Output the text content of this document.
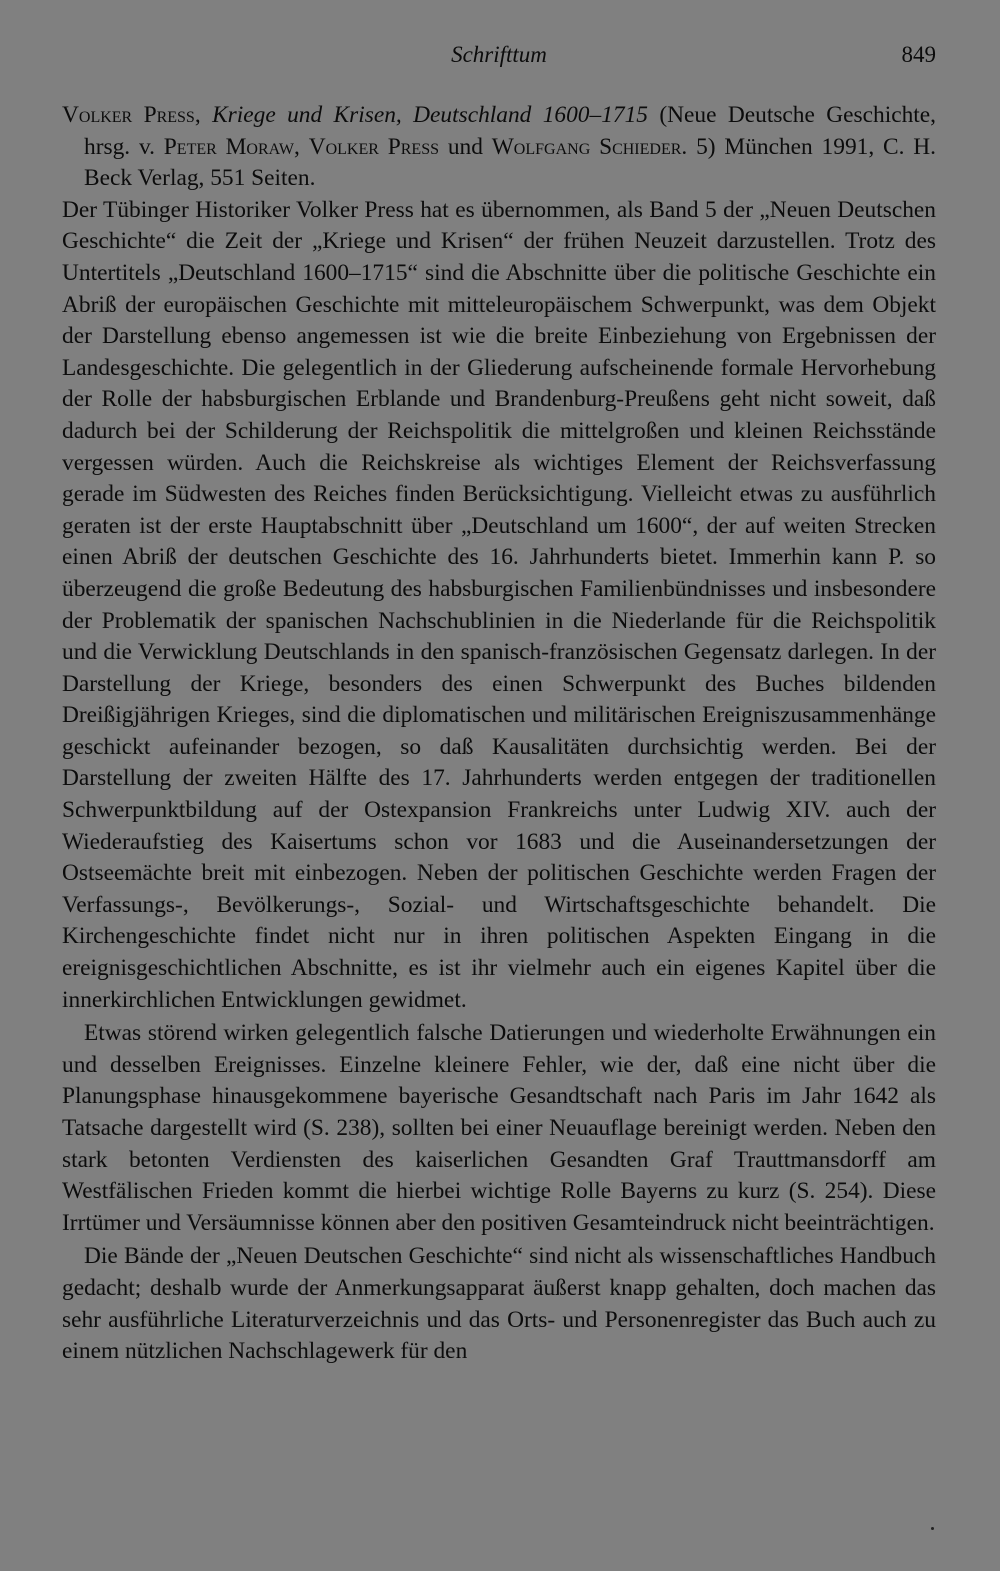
Schrifttum	849
Volker Press, Kriege und Krisen, Deutschland 1600–1715 (Neue Deutsche Geschichte, hrsg. v. Peter Moraw, Volker Press und Wolfgang Schieder. 5) München 1991, C. H. Beck Verlag, 551 Seiten.

Der Tübinger Historiker Volker Press hat es übernommen, als Band 5 der „Neuen Deutschen Geschichte“ die Zeit der „Kriege und Krisen“ der frühen Neuzeit darzustellen. Trotz des Untertitels „Deutschland 1600–1715“ sind die Abschnitte über die politische Geschichte ein Abriß der europäischen Geschichte mit mitteleuropäischem Schwerpunkt, was dem Objekt der Darstellung ebenso angemessen ist wie die breite Einbeziehung von Ergebnissen der Landesgeschichte. Die gelegentlich in der Gliederung aufscheinende formale Hervorhebung der Rolle der habsburgischen Erblande und Brandenburg-Preußens geht nicht soweit, daß dadurch bei der Schilderung der Reichspolitik die mittelgroßen und kleinen Reichsstände vergessen würden. Auch die Reichskreise als wichtiges Element der Reichsverfassung gerade im Südwesten des Reiches finden Berücksichtigung. Vielleicht etwas zu ausführlich geraten ist der erste Hauptabschnitt über „Deutschland um 1600“, der auf weiten Strecken einen Abriß der deutschen Geschichte des 16. Jahrhunderts bietet. Immerhin kann P. so überzeugend die große Bedeutung des habsburgischen Familienbündnisses und insbesondere der Problematik der spanischen Nachschublinien in die Niederlande für die Reichspolitik und die Verwicklung Deutschlands in den spanisch-französischen Gegensatz darlegen. In der Darstellung der Kriege, besonders des einen Schwerpunkt des Buches bildenden Dreißigjährigen Krieges, sind die diplomatischen und militärischen Ereigniszusammenhänge geschickt aufeinander bezogen, so daß Kausalitäten durchsichtig werden. Bei der Darstellung der zweiten Hälfte des 17. Jahrhunderts werden entgegen der traditionellen Schwerpunktbildung auf der Ostexpansion Frankreichs unter Ludwig XIV. auch der Wiederaufstieg des Kaisertums schon vor 1683 und die Auseinandersetzungen der Ostseemächte breit mit einbezogen. Neben der politischen Geschichte werden Fragen der Verfassungs-, Bevölkerungs-, Sozial- und Wirtschaftsgeschichte behandelt. Die Kirchengeschichte findet nicht nur in ihren politischen Aspekten Eingang in die ereignisgeschichtlichen Abschnitte, es ist ihr vielmehr auch ein eigenes Kapitel über die innerkirchlichen Entwicklungen gewidmet.

Etwas störend wirken gelegentlich falsche Datierungen und wiederholte Erwähnungen ein und desselben Ereignisses. Einzelne kleinere Fehler, wie der, daß eine nicht über die Planungsphase hinausgekommene bayerische Gesandtschaft nach Paris im Jahr 1642 als Tatsache dargestellt wird (S. 238), sollten bei einer Neuauflage bereinigt werden. Neben den stark betonten Verdiensten des kaiserlichen Gesandten Graf Trauttmansdorff am Westfälischen Frieden kommt die hierbei wichtige Rolle Bayerns zu kurz (S. 254). Diese Irrtümer und Versäumnisse können aber den positiven Gesamteindruck nicht beeinträchtigen.

Die Bände der „Neuen Deutschen Geschichte“ sind nicht als wissenschaftliches Handbuch gedacht; deshalb wurde der Anmerkungsapparat äußerst knapp gehalten, doch machen das sehr ausführliche Literaturverzeichnis und das Orts- und Personenregister das Buch auch zu einem nützlichen Nachschlagewerk für den
